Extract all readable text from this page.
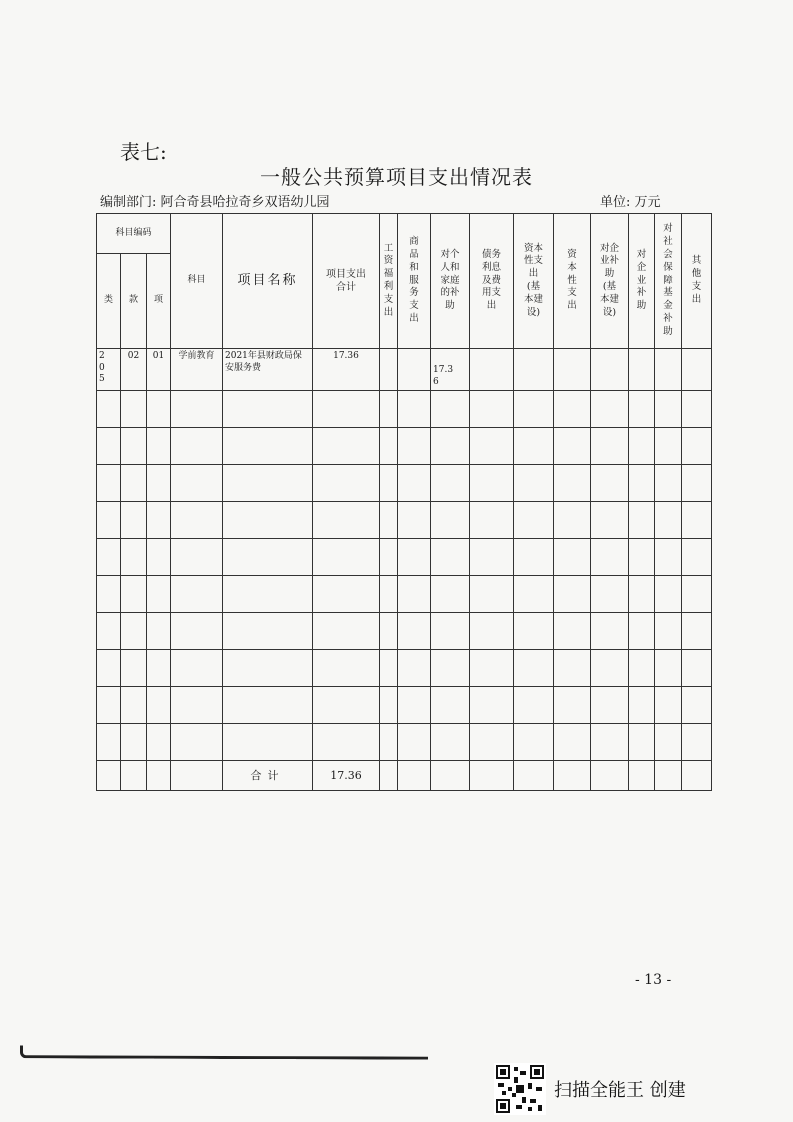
表七:
一般公共预算项目支出情况表
编制部门: 阿合奇县哈拉奇乡双语幼儿园	单位: 万元
科目编码			科目	项目名称	项目支出合计	工资福利支出	商品和服务支出	对个人和家庭的补助	债务利息及费用支出	资本性支出(基本建设)	资本性支出	对企业补助(基本建设)	对企业补助	对社会保障基金补助	其他支出
类	款	项													
2 0 5	02	01	学前教育	2021年县财政局保安服务费	17.36			17.3 6							

				合计	17.36										
- 13 -
扫描全能王 创建
